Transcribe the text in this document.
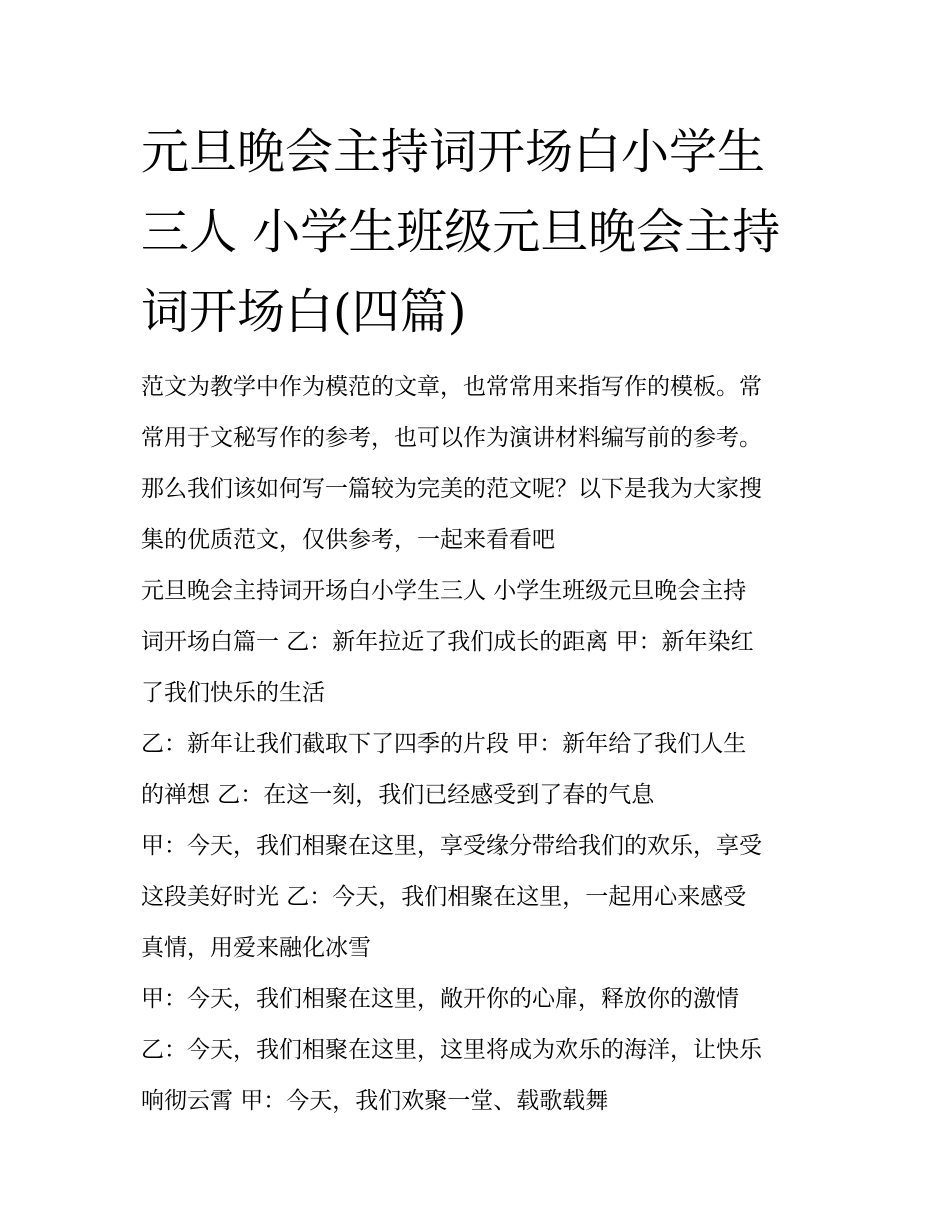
元旦晚会主持词开场白小学生
三人 小学生班级元旦晚会主持
词开场白(四篇)

范文为教学中作为模范的文章，也常常用来指写作的模板。常
常用于文秘写作的参考，也可以作为演讲材料编写前的参考。
那么我们该如何写一篇较为完美的范文呢？以下是我为大家搜
集的优质范文，仅供参考，一起来看看吧

元旦晚会主持词开场白小学生三人 小学生班级元旦晚会主持
词开场白篇一 乙：新年拉近了我们成长的距离 甲：新年染红
了我们快乐的生活

乙：新年让我们截取下了四季的片段 甲：新年给了我们人生
的禅想 乙：在这一刻，我们已经感受到了春的气息

甲：今天，我们相聚在这里，享受缘分带给我们的欢乐，享受
这段美好时光 乙：今天，我们相聚在这里，一起用心来感受
真情，用爱来融化冰雪

甲：今天，我们相聚在这里，敞开你的心扉，释放你的激情

乙：今天，我们相聚在这里，这里将成为欢乐的海洋，让快乐
响彻云霄 甲：今天，我们欢聚一堂、载歌载舞
